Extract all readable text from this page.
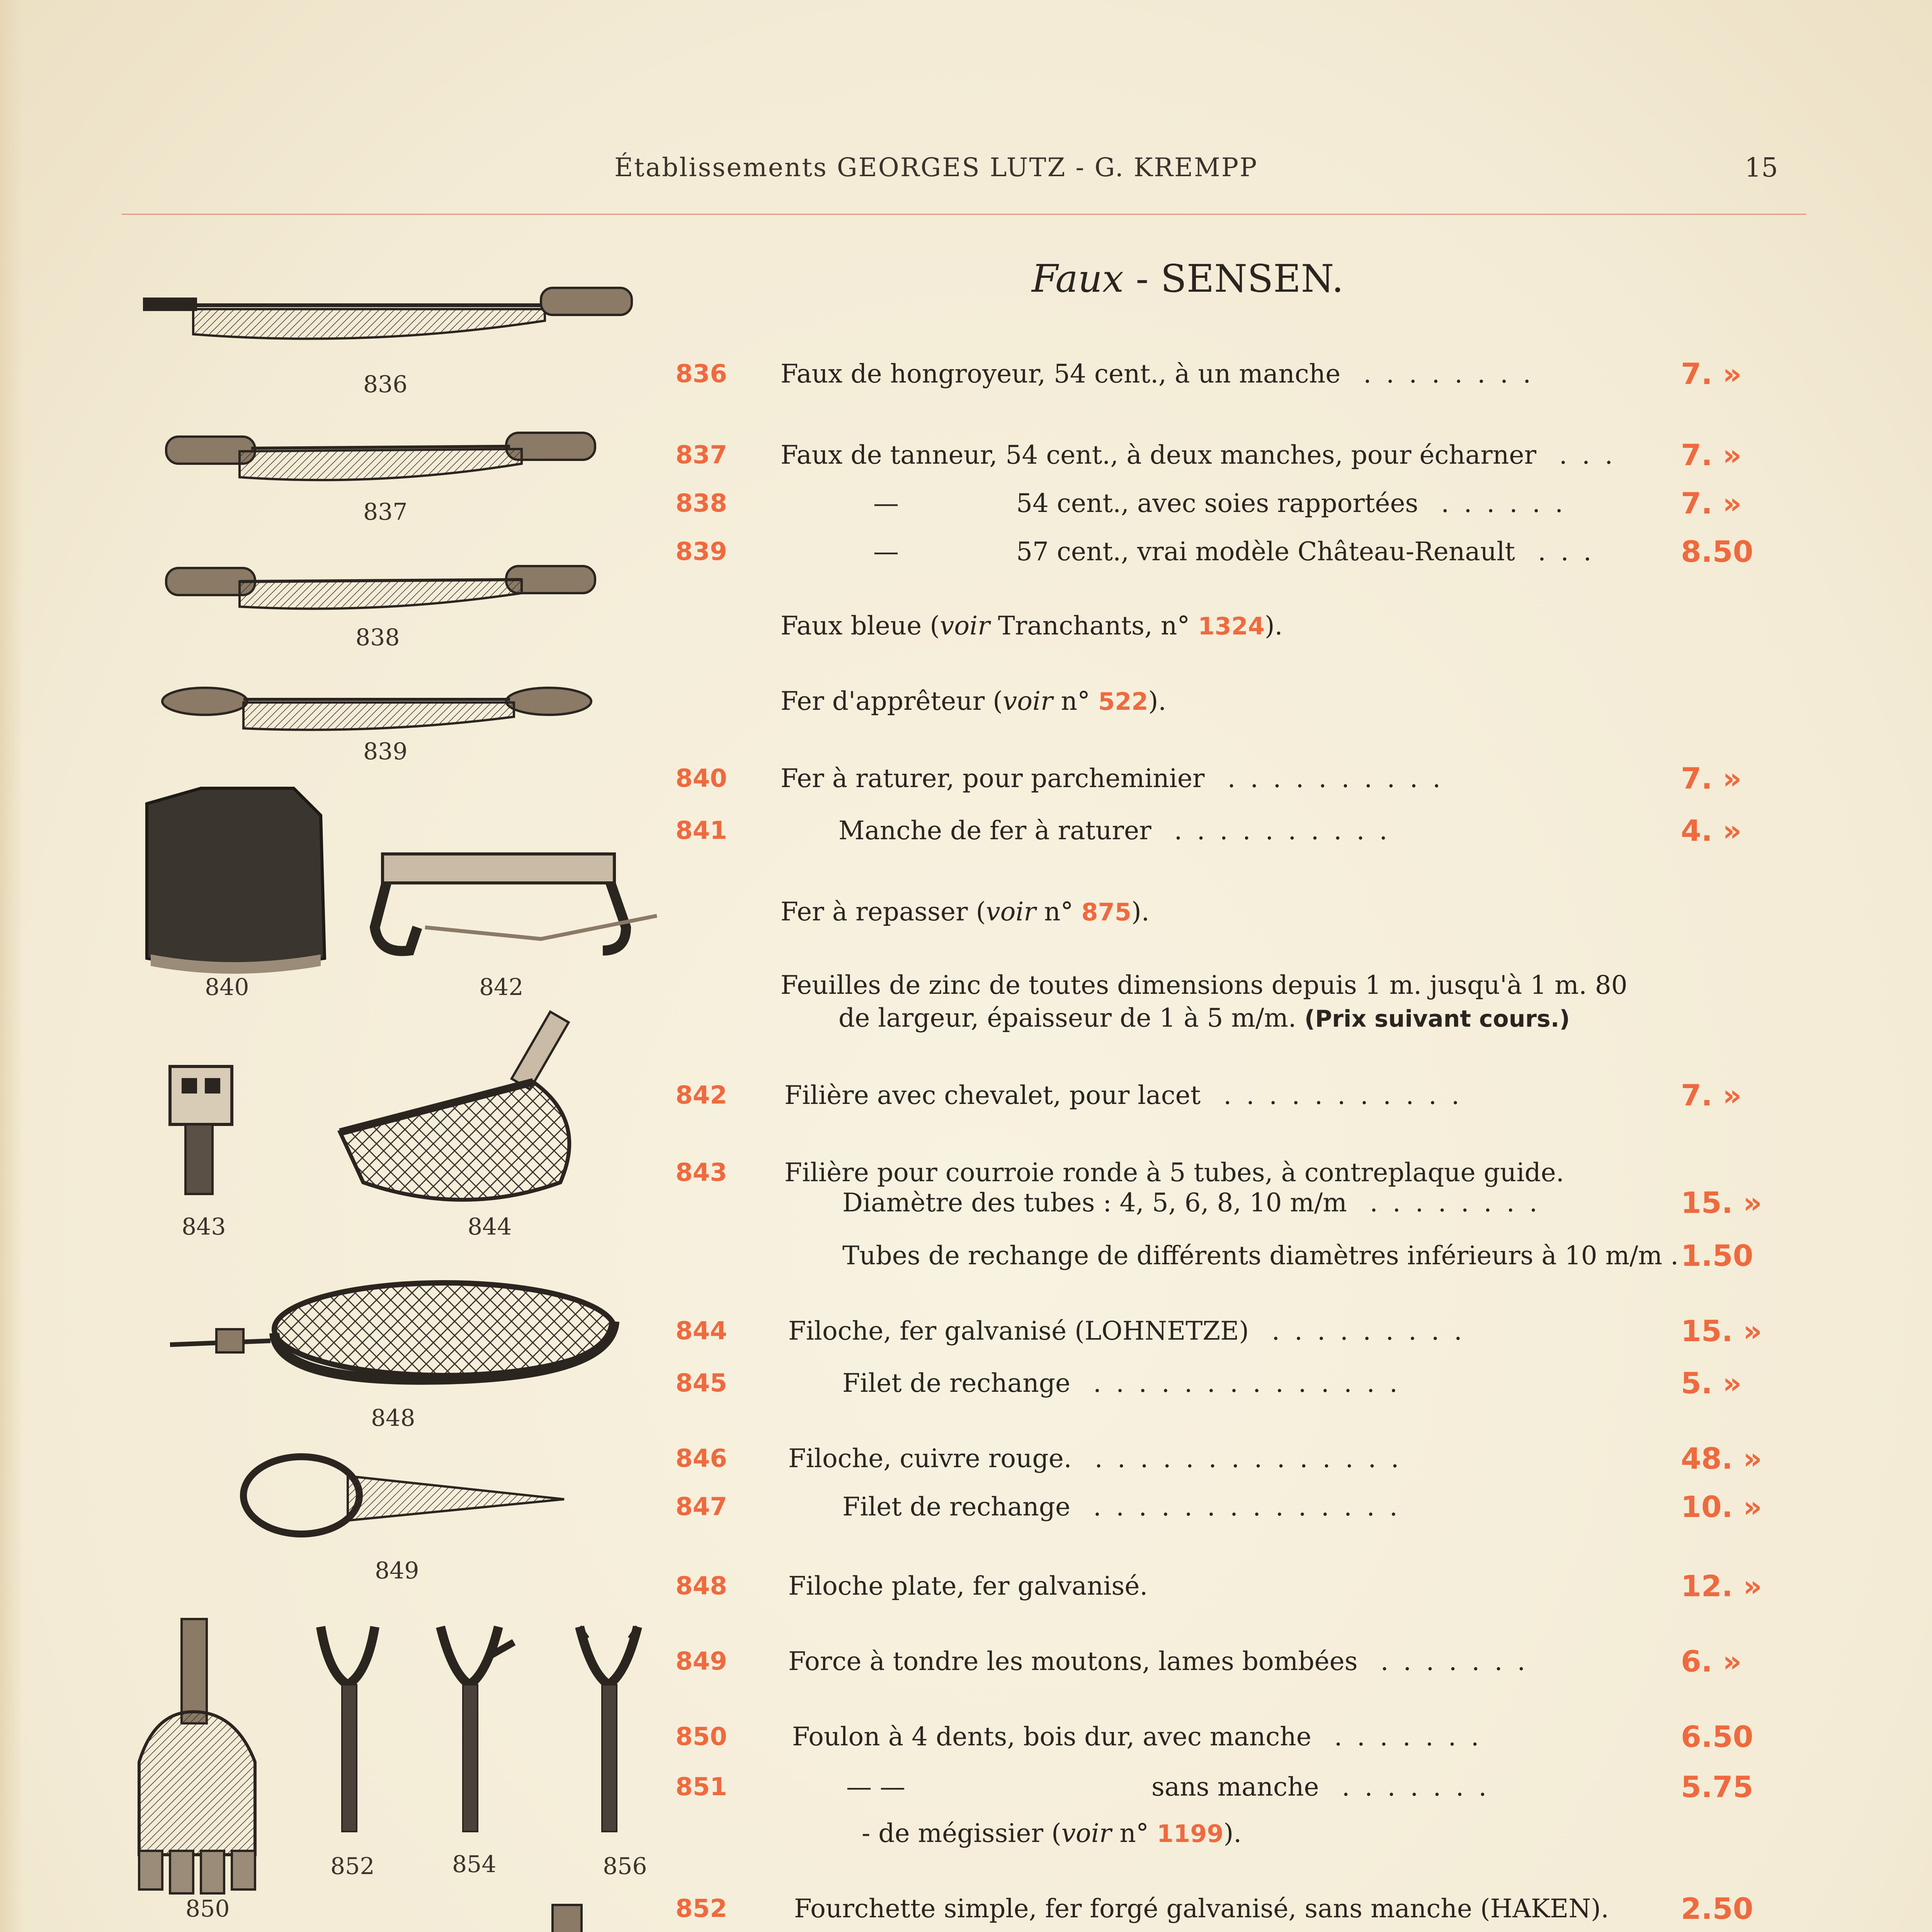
Établissements GEORGES LUTZ - G. KREMPP	15
Faux - SENSEN.
836
837
838
839
840	842
843	844
848
849
850
852	854	856
836	Faux de hongroyeur, 54 cent., à un manche ........	7. »
837	Faux de tanneur, 54 cent., à deux manches, pour écharner ... 7. »
838	—	54 cent., avec soies rapportées ......	7. »
839	—	57 cent., vrai modèle Château-Renault ...	8.50
Faux bleue (voir Tranchants, n° 1324).
Fer d'apprêteur (voir n° 522).
840	Fer à raturer, pour parcheminier ..........	7. »
841	Manche de fer à raturer ..........	4. »
Fer à repasser (voir n° 875).
Feuilles de zinc de toutes dimensions depuis 1 m. jusqu'à 1 m. 80
de largeur, épaisseur de 1 à 5 m/m. (Prix suivant cours.)
842	Filière avec chevalet, pour lacet ...........	7. »
843	Filière pour courroie ronde à 5 tubes, à contreplaque guide.
Diamètre des tubes : 4, 5, 6, 8, 10 m/m ........	15. »
Tubes de rechange de différents diamètres inférieurs à 10 m/m . 1.50
844	Filoche, fer galvanisé (LOHNETZE) .........	15. »
845	Filet de rechange ..............	5. »
846	Filoche, cuivre rouge. ..............	48. »
847	Filet de rechange ..............	10. »
848	Filoche plate, fer galvanisé.	12. »
849	Force à tondre les moutons, lames bombées .......	6. »
850	Foulon à 4 dents, bois dur, avec manche .......	6.50
851	— —	sans manche .......	5.75
- de mégissier (voir n° 1199).
852	Fourchette simple, fer forgé galvanisé, sans manche (HAKEN). 2.50
